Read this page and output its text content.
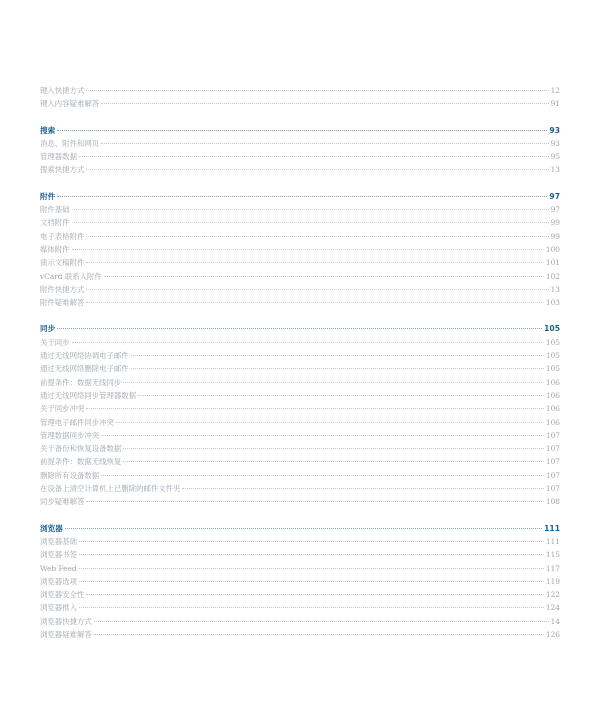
键入快捷方式	12
键入内容疑难解答	91
搜索	93
消息、附件和网页	93
管理器数据	95
搜索快捷方式	13
附件	97
附件基础	97
文档附件	99
电子表格附件	99
媒体附件	100
演示文稿附件	101
vCard 联系人附件	102
附件快捷方式	13
附件疑难解答	103
同步	105
关于同步	105
通过无线网络协调电子邮件	105
通过无线网络删除电子邮件	105
前提条件：数据无线同步	106
通过无线网络同步管理器数据	106
关于同步冲突	106
管理电子邮件同步冲突	106
管理数据同步冲突	107
关于备份和恢复设备数据	107
前提条件：数据无线恢复	107
删除所有设备数据	107
在设备上清空计算机上已删除的邮件文件夹	107
同步疑难解答	108
浏览器	111
浏览器基础	111
浏览器书签	115
Web Feed	117
浏览器选项	119
浏览器安全性	122
浏览器推入	124
浏览器快捷方式	14
浏览器疑难解答	126
